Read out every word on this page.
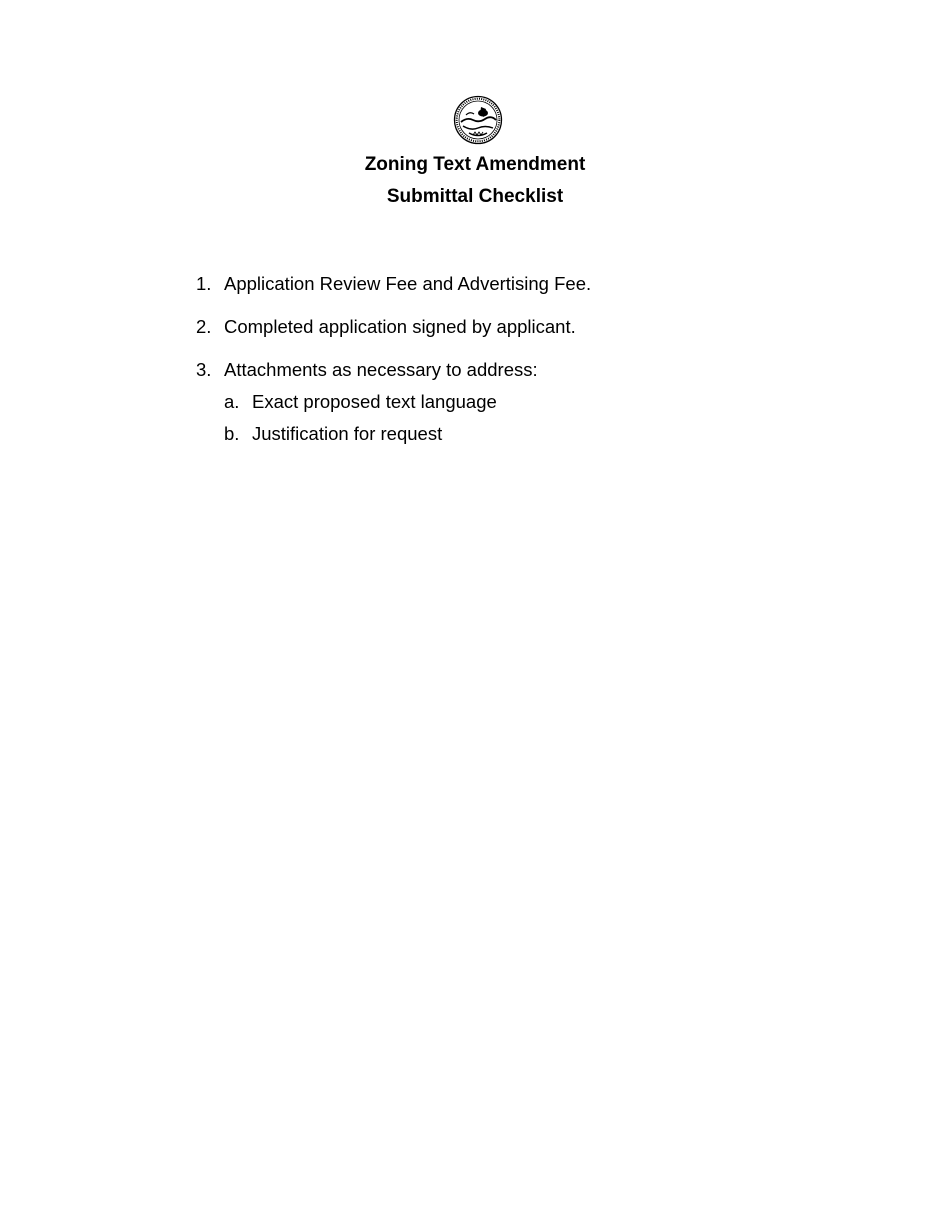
Zoning Text Amendment
Submittal Checklist
1. Application Review Fee and Advertising Fee.
2. Completed application signed by applicant.
3. Attachments as necessary to address:
a. Exact proposed text language
b. Justification for request
